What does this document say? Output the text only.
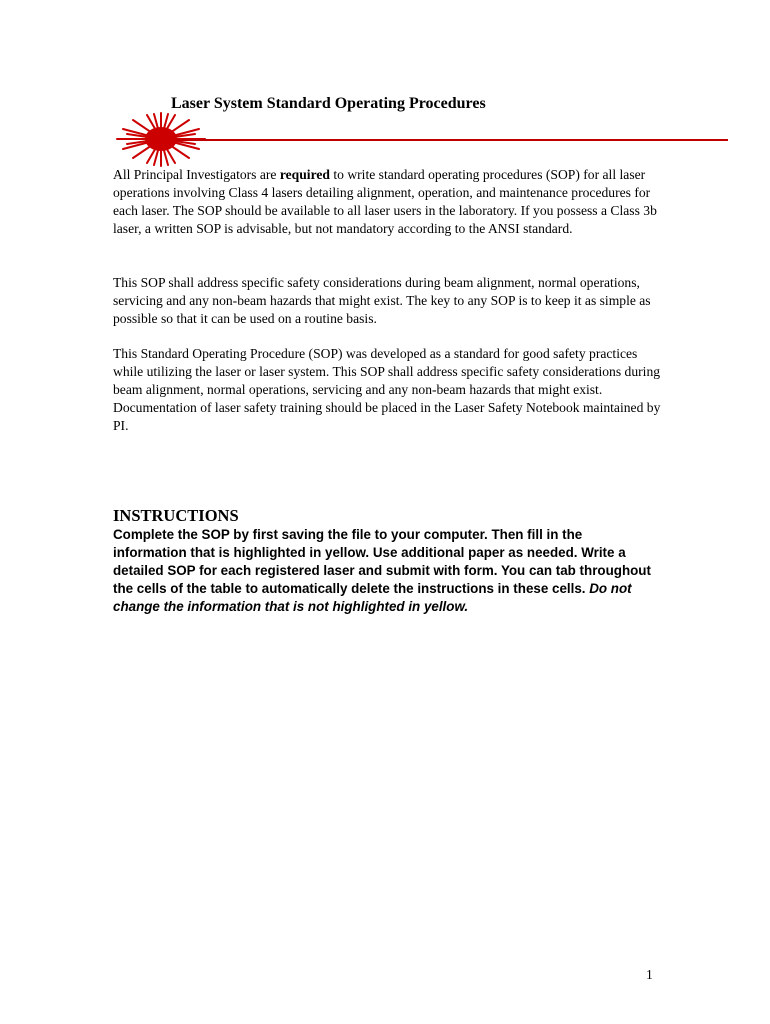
Laser System Standard Operating Procedures

All Principal Investigators are required to write standard operating procedures (SOP) for all laser operations involving Class 4 lasers detailing alignment, operation, and maintenance procedures for each laser. The SOP should be available to all laser users in the laboratory. If you possess a Class 3b laser, a written SOP is advisable, but not mandatory according to the ANSI standard.

This SOP shall address specific safety considerations during beam alignment, normal operations, servicing and any non-beam hazards that might exist. The key to any SOP is to keep it as simple as possible so that it can be used on a routine basis.

This Standard Operating Procedure (SOP) was developed as a standard for good safety practices while utilizing the laser or laser system. This SOP shall address specific safety considerations during beam alignment, normal operations, servicing and any non-beam hazards that might exist. Documentation of laser safety training should be placed in the Laser Safety Notebook maintained by PI.

INSTRUCTIONS

Complete the SOP by first saving the file to your computer. Then fill in the information that is highlighted in yellow. Use additional paper as needed. Write a detailed SOP for each registered laser and submit with form. You can tab throughout the cells of the table to automatically delete the instructions in these cells. Do not change the information that is not highlighted in yellow.

1
